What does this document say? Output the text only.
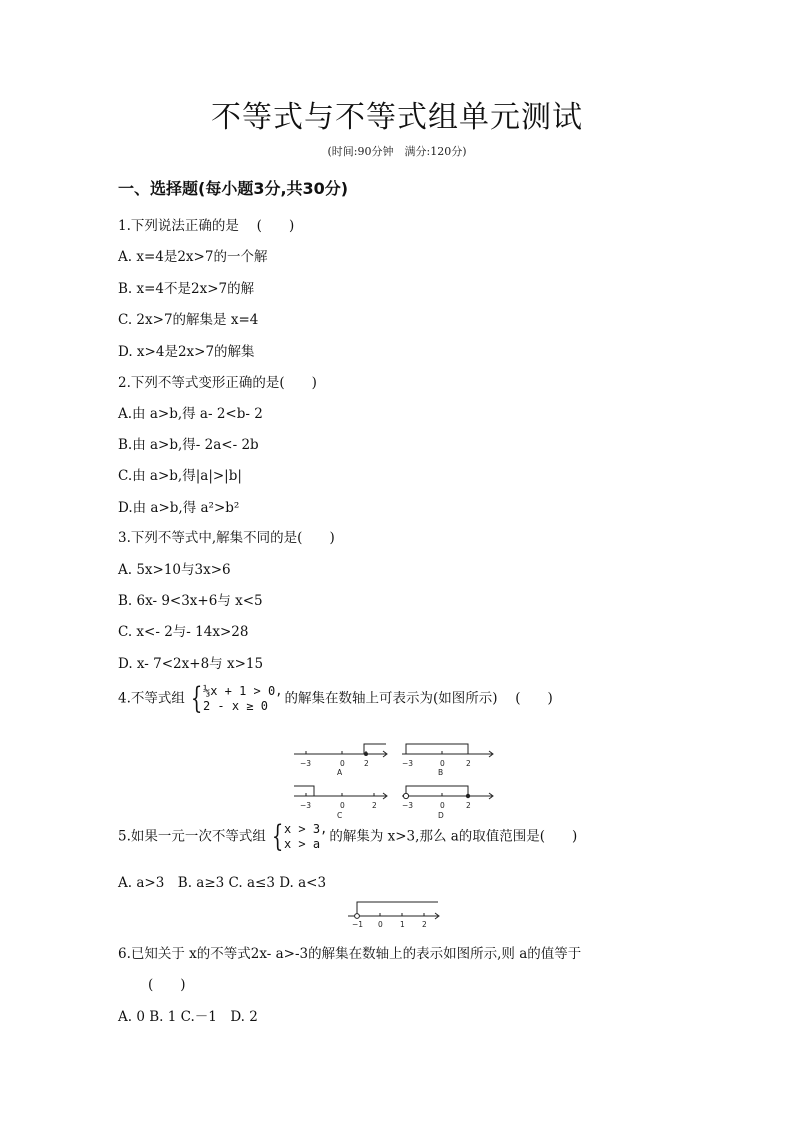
不等式与不等式组单元测试
(时间:90分钟　满分:120分)
一、选择题(每小题3分,共30分)
1.下列说法正确的是　 (　　)
A. x=4是2x>7的一个解
B. x=4不是2x>7的解
C. 2x>7的解集是 x=4
D. x>4是2x>7的解集
2.下列不等式变形正确的是(　　)
A.由 a>b,得 a- 2<b- 2
B.由 a>b,得- 2a<- 2b
C.由 a>b,得|a|>|b|
D.由 a>b,得 a²>b²
3.下列不等式中,解集不同的是(　　)
A. 5x>10与3x>6
B. 6x- 9<3x+6与 x<5
C. x<- 2与- 14x>28
D. x- 7<2x+8与 x>15
4.不等式组 { ⅓x + 1 > 0,
2 - x ≥ 0	的解集在数轴上可表示为(如图所示)　 (　　)
−3	0	2
A
−3	0	2
B
−3	0	2
C
−3	0	2
D
5.如果一元一次不等式组 { x > 3,
x > a 的解集为 x>3,那么 a的取值范围是(　　)
A. a>3　B. a≥3 C. a≤3 D. a<3
−1 0 1 2
6.已知关于 x的不等式2x- a>-3的解集在数轴上的表示如图所示,则 a的值等于
(　　)
A. 0 B. 1 C.－1　D. 2
